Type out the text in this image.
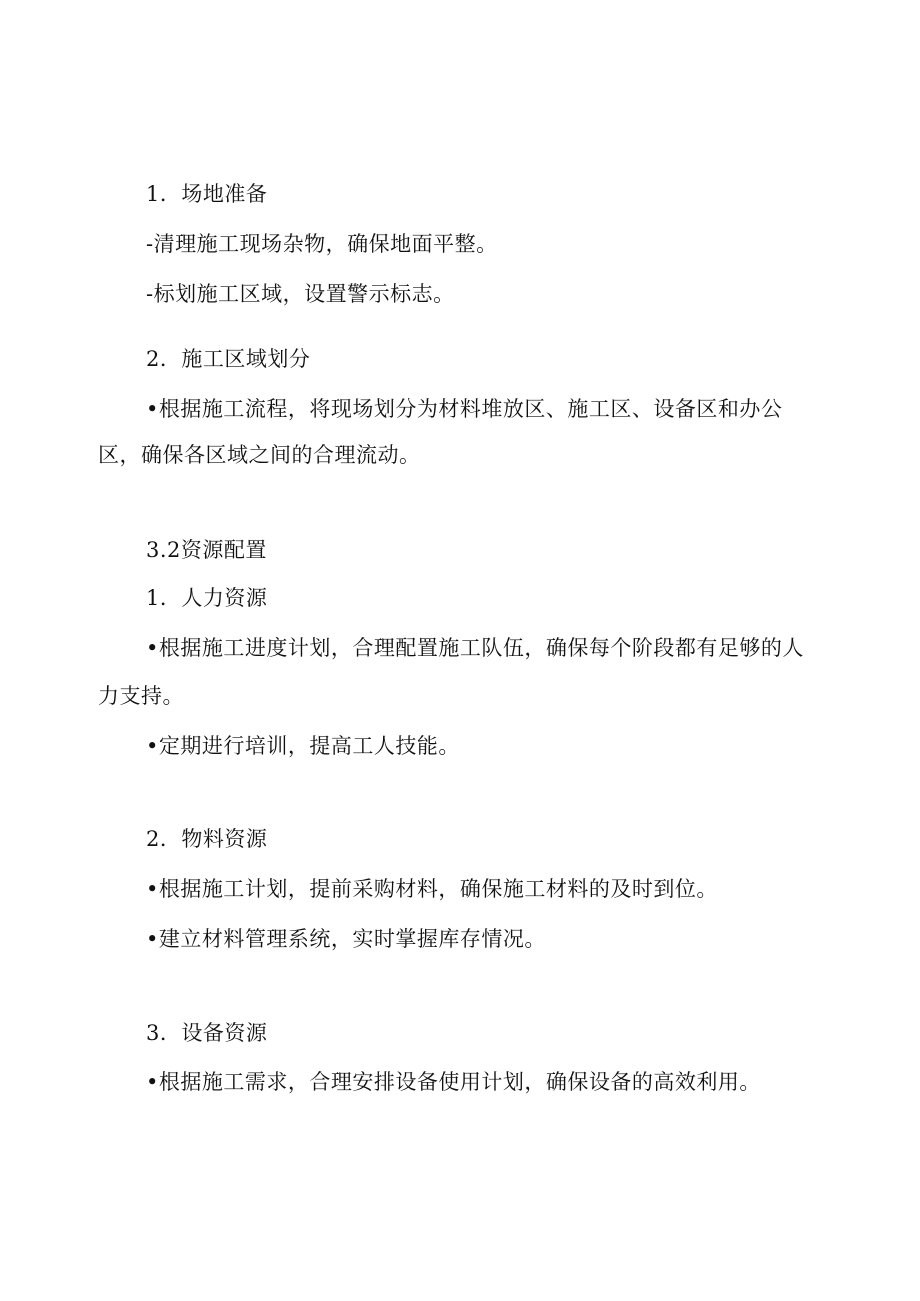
1．场地准备
-清理施工现场杂物，确保地面平整。
-标划施工区域，设置警示标志。
2．施工区域划分
•根据施工流程，将现场划分为材料堆放区、施工区、设备区和办公
区，确保各区域之间的合理流动。
3.2资源配置
1．人力资源
•根据施工进度计划，合理配置施工队伍，确保每个阶段都有足够的人
力支持。
•定期进行培训，提高工人技能。
2．物料资源
•根据施工计划，提前采购材料，确保施工材料的及时到位。
•建立材料管理系统，实时掌握库存情况。
3．设备资源
•根据施工需求，合理安排设备使用计划，确保设备的高效利用。
